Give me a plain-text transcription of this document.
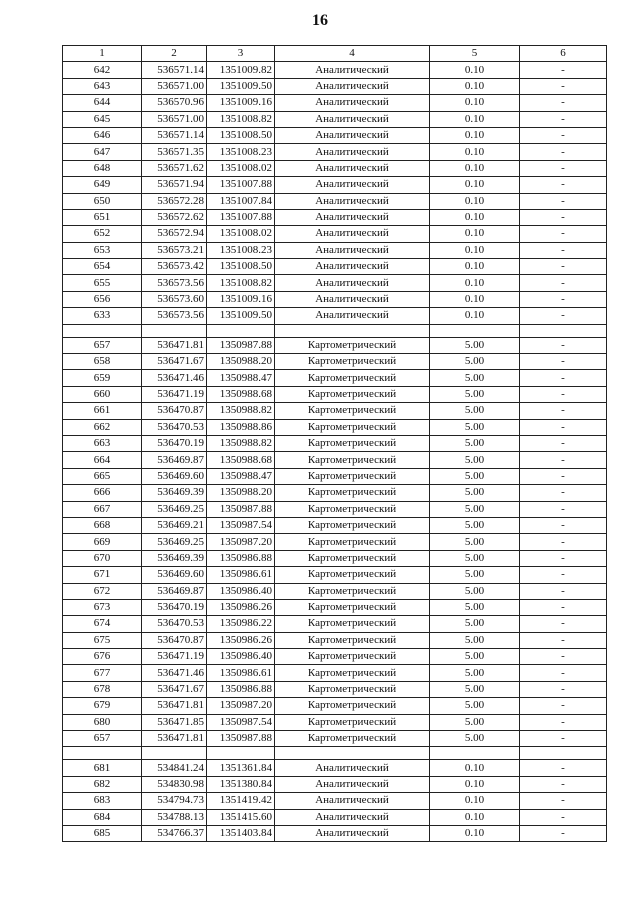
16
1	2	3	4	5	6
642	536571.14	1351009.82	Аналитический	0.10	-
643	536571.00	1351009.50	Аналитический	0.10	-
644	536570.96	1351009.16	Аналитический	0.10	-
645	536571.00	1351008.82	Аналитический	0.10	-
646	536571.14	1351008.50	Аналитический	0.10	-
647	536571.35	1351008.23	Аналитический	0.10	-
648	536571.62	1351008.02	Аналитический	0.10	-
649	536571.94	1351007.88	Аналитический	0.10	-
650	536572.28	1351007.84	Аналитический	0.10	-
651	536572.62	1351007.88	Аналитический	0.10	-
652	536572.94	1351008.02	Аналитический	0.10	-
653	536573.21	1351008.23	Аналитический	0.10	-
654	536573.42	1351008.50	Аналитический	0.10	-
655	536573.56	1351008.82	Аналитический	0.10	-
656	536573.60	1351009.16	Аналитический	0.10	-
633	536573.56	1351009.50	Аналитический	0.10	-

657	536471.81	1350987.88	Картометрический	5.00	-
658	536471.67	1350988.20	Картометрический	5.00	-
659	536471.46	1350988.47	Картометрический	5.00	-
660	536471.19	1350988.68	Картометрический	5.00	-
661	536470.87	1350988.82	Картометрический	5.00	-
662	536470.53	1350988.86	Картометрический	5.00	-
663	536470.19	1350988.82	Картометрический	5.00	-
664	536469.87	1350988.68	Картометрический	5.00	-
665	536469.60	1350988.47	Картометрический	5.00	-
666	536469.39	1350988.20	Картометрический	5.00	-
667	536469.25	1350987.88	Картометрический	5.00	-
668	536469.21	1350987.54	Картометрический	5.00	-
669	536469.25	1350987.20	Картометрический	5.00	-
670	536469.39	1350986.88	Картометрический	5.00	-
671	536469.60	1350986.61	Картометрический	5.00	-
672	536469.87	1350986.40	Картометрический	5.00	-
673	536470.19	1350986.26	Картометрический	5.00	-
674	536470.53	1350986.22	Картометрический	5.00	-
675	536470.87	1350986.26	Картометрический	5.00	-
676	536471.19	1350986.40	Картометрический	5.00	-
677	536471.46	1350986.61	Картометрический	5.00	-
678	536471.67	1350986.88	Картометрический	5.00	-
679	536471.81	1350987.20	Картометрический	5.00	-
680	536471.85	1350987.54	Картометрический	5.00	-
657	536471.81	1350987.88	Картометрический	5.00	-

681	534841.24	1351361.84	Аналитический	0.10	-
682	534830.98	1351380.84	Аналитический	0.10	-
683	534794.73	1351419.42	Аналитический	0.10	-
684	534788.13	1351415.60	Аналитический	0.10	-
685	534766.37	1351403.84	Аналитический	0.10	-
